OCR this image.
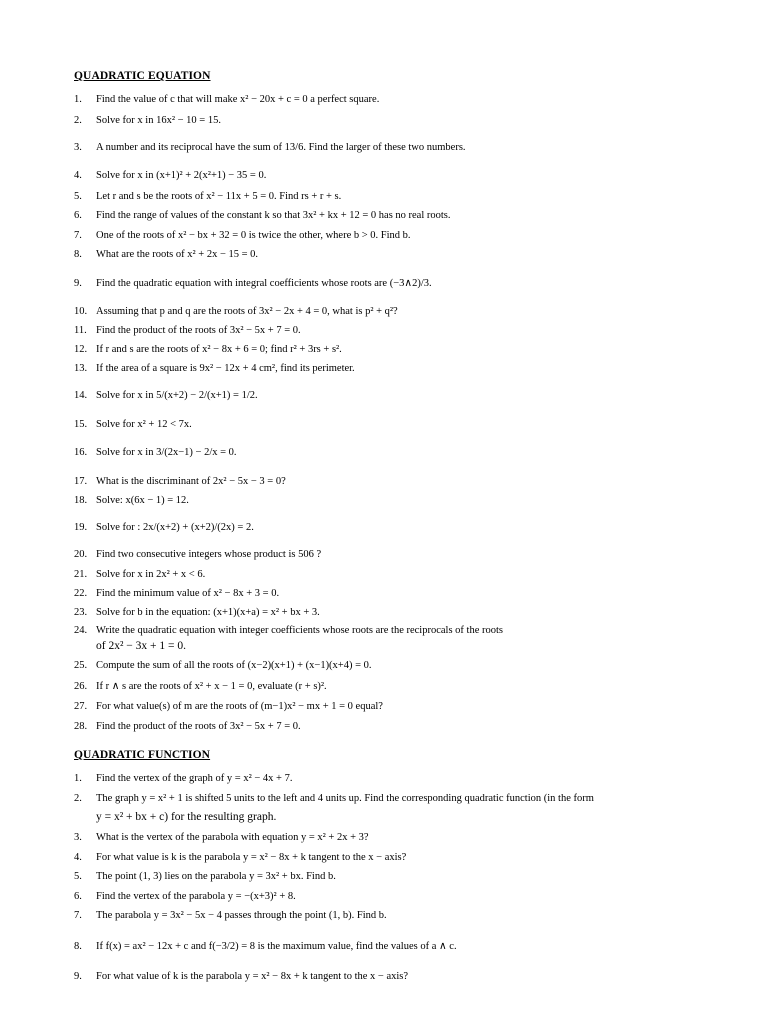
QUADRATIC EQUATION
1.	Find the value of c that will make x² − 20x + c = 0 a perfect square.
2.	Solve for x in 16x² − 10 = 15.
3.	A number and its reciprocal have the sum of 13/6. Find the larger of these two numbers.
4.	Solve for x in (x+1)² + 2(x²+1) − 35 = 0.
5.	Let r and s be the roots of x² − 11x + 5 = 0. Find rs + r + s.
6.	Find the range of values of the constant k so that 3x² + kx + 12 = 0 has no real roots.
7.	One of the roots of x² − bx + 32 = 0 is twice the other, where b > 0. Find b.
8.	What are the roots of x² + 2x − 15 = 0.
9.	Find the quadratic equation with integral coefficients whose roots are (−3∧2)/3.
10. Assuming that p and q are the roots of 3x² − 2x + 4 = 0, what is p² + q²?
11. Find the product of the roots of 3x² − 5x + 7 = 0.
12. If r and s are the roots of x² − 8x + 6 = 0; find r² + 3rs + s².
13. If the area of a square is 9x² − 12x + 4 cm², find its perimeter.
14. Solve for x in 5/(x+2) − 2/(x+1) = 1/2.
15. Solve for x² + 12 < 7x.
16. Solve for x in 3/(2x−1) − 2/x = 0.
17. What is the discriminant of 2x² − 5x − 3 = 0?
18. Solve: x(6x − 1) = 12.
19. Solve for : 2x/(x+2) + (x+2)/(2x) = 2.
20. Find two consecutive integers whose product is 506 ?
21. Solve for x in 2x² + x < 6.
22. Find the minimum value of x² − 8x + 3 = 0.
23. Solve for b in the equation: (x+1)(x+a) = x² + bx + 3.
24. Write the quadratic equation with integer coefficients whose roots are the reciprocals of the roots
of 2x² − 3x + 1 = 0.
25. Compute the sum of all the roots of (x−2)(x+1) + (x−1)(x+4) = 0.
26. If r ∧ s are the roots of x² + x − 1 = 0, evaluate (r + s)².
27. For what value(s) of m are the roots of (m−1)x² − mx + 1 = 0 equal?
28. Find the product of the roots of 3x² − 5x + 7 = 0.
QUADRATIC FUNCTION
1.	Find the vertex of the graph of y = x² − 4x + 7.
2.	The graph y = x² + 1 is shifted 5 units to the left and 4 units up. Find the corresponding quadratic function (in the form
y = x² + bx + c) for the resulting graph.
3.	What is the vertex of the parabola with equation y = x² + 2x + 3?
4.	For what value is k is the parabola y = x² − 8x + k tangent to the x − axis?
5.	The point (1, 3) lies on the parabola y = 3x² + bx. Find b.
6.	Find the vertex of the parabola y = −(x+3)² + 8.
7.	The parabola y = 3x² − 5x − 4 passes through the point (1, b). Find b.
8.	If f(x) = ax² − 12x + c and f(−3/2) = 8 is the maximum value, find the values of a ∧ c.
9.	For what value of k is the parabola y = x² − 8x + k tangent to the x − axis?
